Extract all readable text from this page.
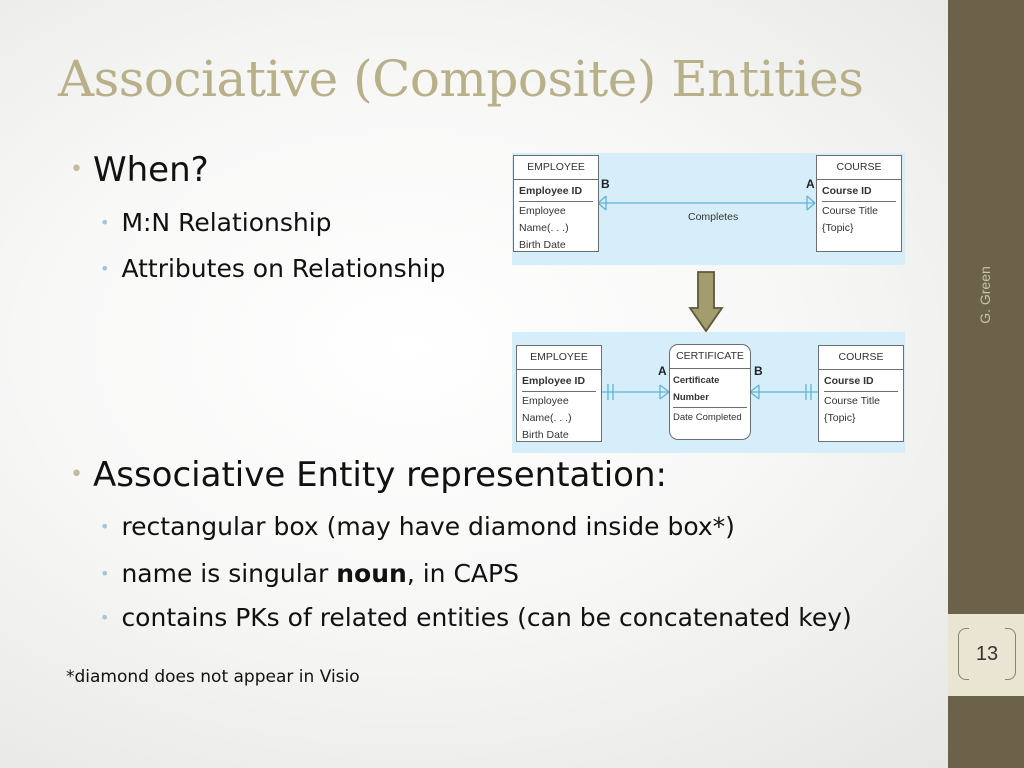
G. Green
13
Associative (Composite) Entities
• When?
• M:N Relationship
• Attributes on Relationship
• Associative Entity representation:
• rectangular box (may have diamond inside box*)
• name is singular noun, in CAPS
• contains PKs of related entities (can be concatenated key)
*diamond does not appear in Visio
EMPLOYEE
Employee ID
Employee Name(. . .)
Birth Date
COURSE
Course ID
Course Title
{Topic}
B	A
Completes
EMPLOYEE
Employee ID
Employee Name(. . .)
Birth Date
CERTIFICATE
Certificate Number
Date Completed
COURSE
Course ID
Course Title
{Topic}
A	B
